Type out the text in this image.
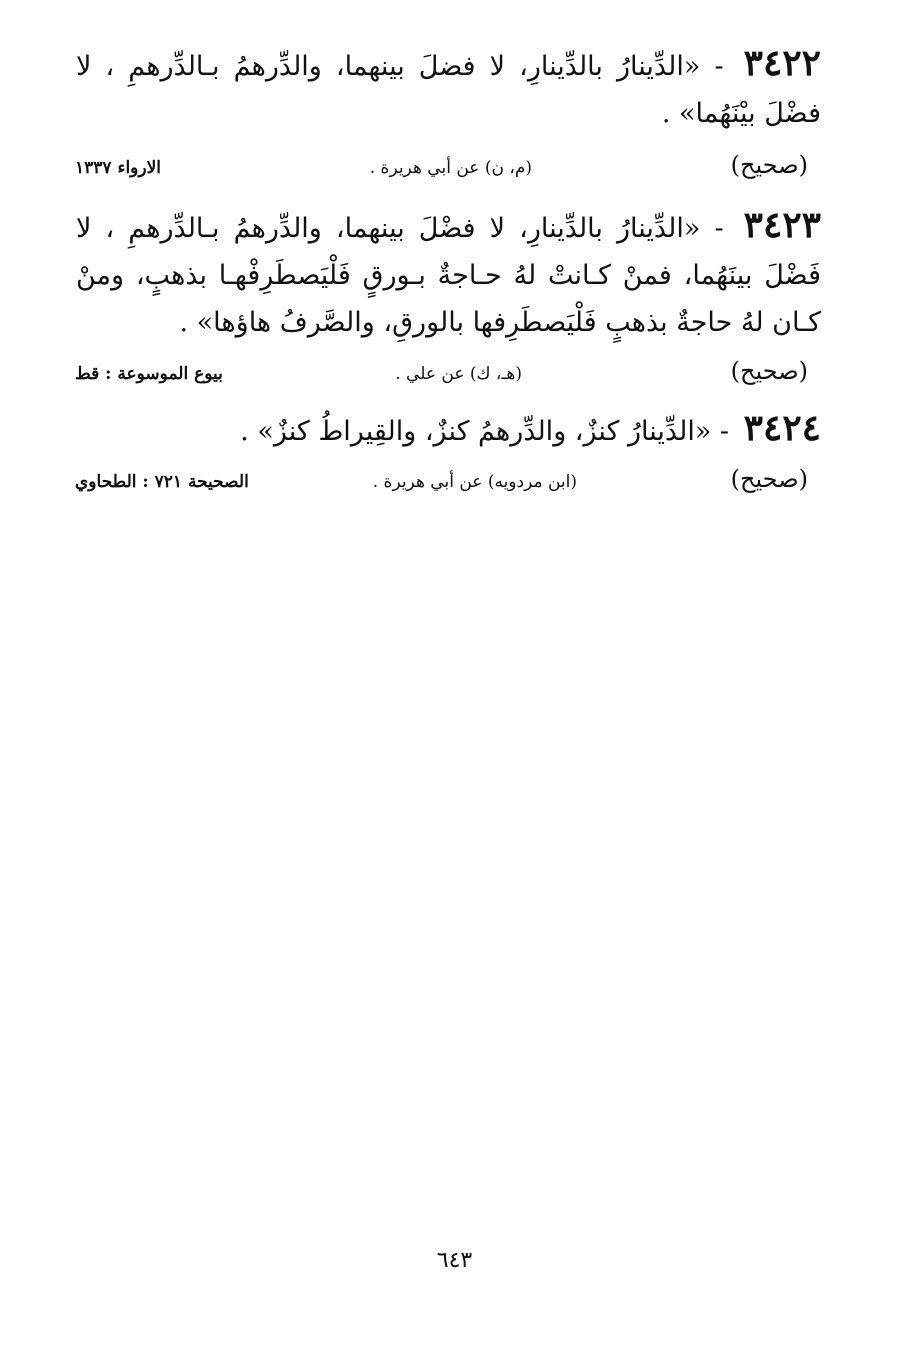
٣٤٢٢ - «الدِّينارُ بالدِّينارِ، لا فضلَ بينهما، والدِّرهمُ بـالدِّرهمِ ، لا فضْلَ بيْنَهُما» .
(صحيح)
(م، ن) عن أبي هريرة .
الارواء ١٣٣٧
٣٤٢٣ - «الدِّينارُ بالدِّينارِ، لا فضْلَ بينهما، والدِّرهمُ بـالدِّرهمِ ، لا فَضْلَ بينَهُما، فمنْ كـانتْ لهُ حـاجةٌ بـورقٍ فَلْيَصطَرِفْهـا بذهبٍ، ومنْ كـان لهُ حاجةٌ بذهبٍ فَلْيَصطَرِفها بالورقِ، والصَّرفُ هاؤها» .
(صحيح)
(هـ، ك) عن علي .
بيوع الموسوعة : قط
٣٤٢٤ - «الدِّينارُ كنزٌ، والدِّرهمُ كنزٌ، والقِيراطُ كنزٌ» .
(صحيح)
(ابن مردويه) عن أبي هريرة .
الصحيحة ٧٢١ : الطحاوي
٦٤٣
